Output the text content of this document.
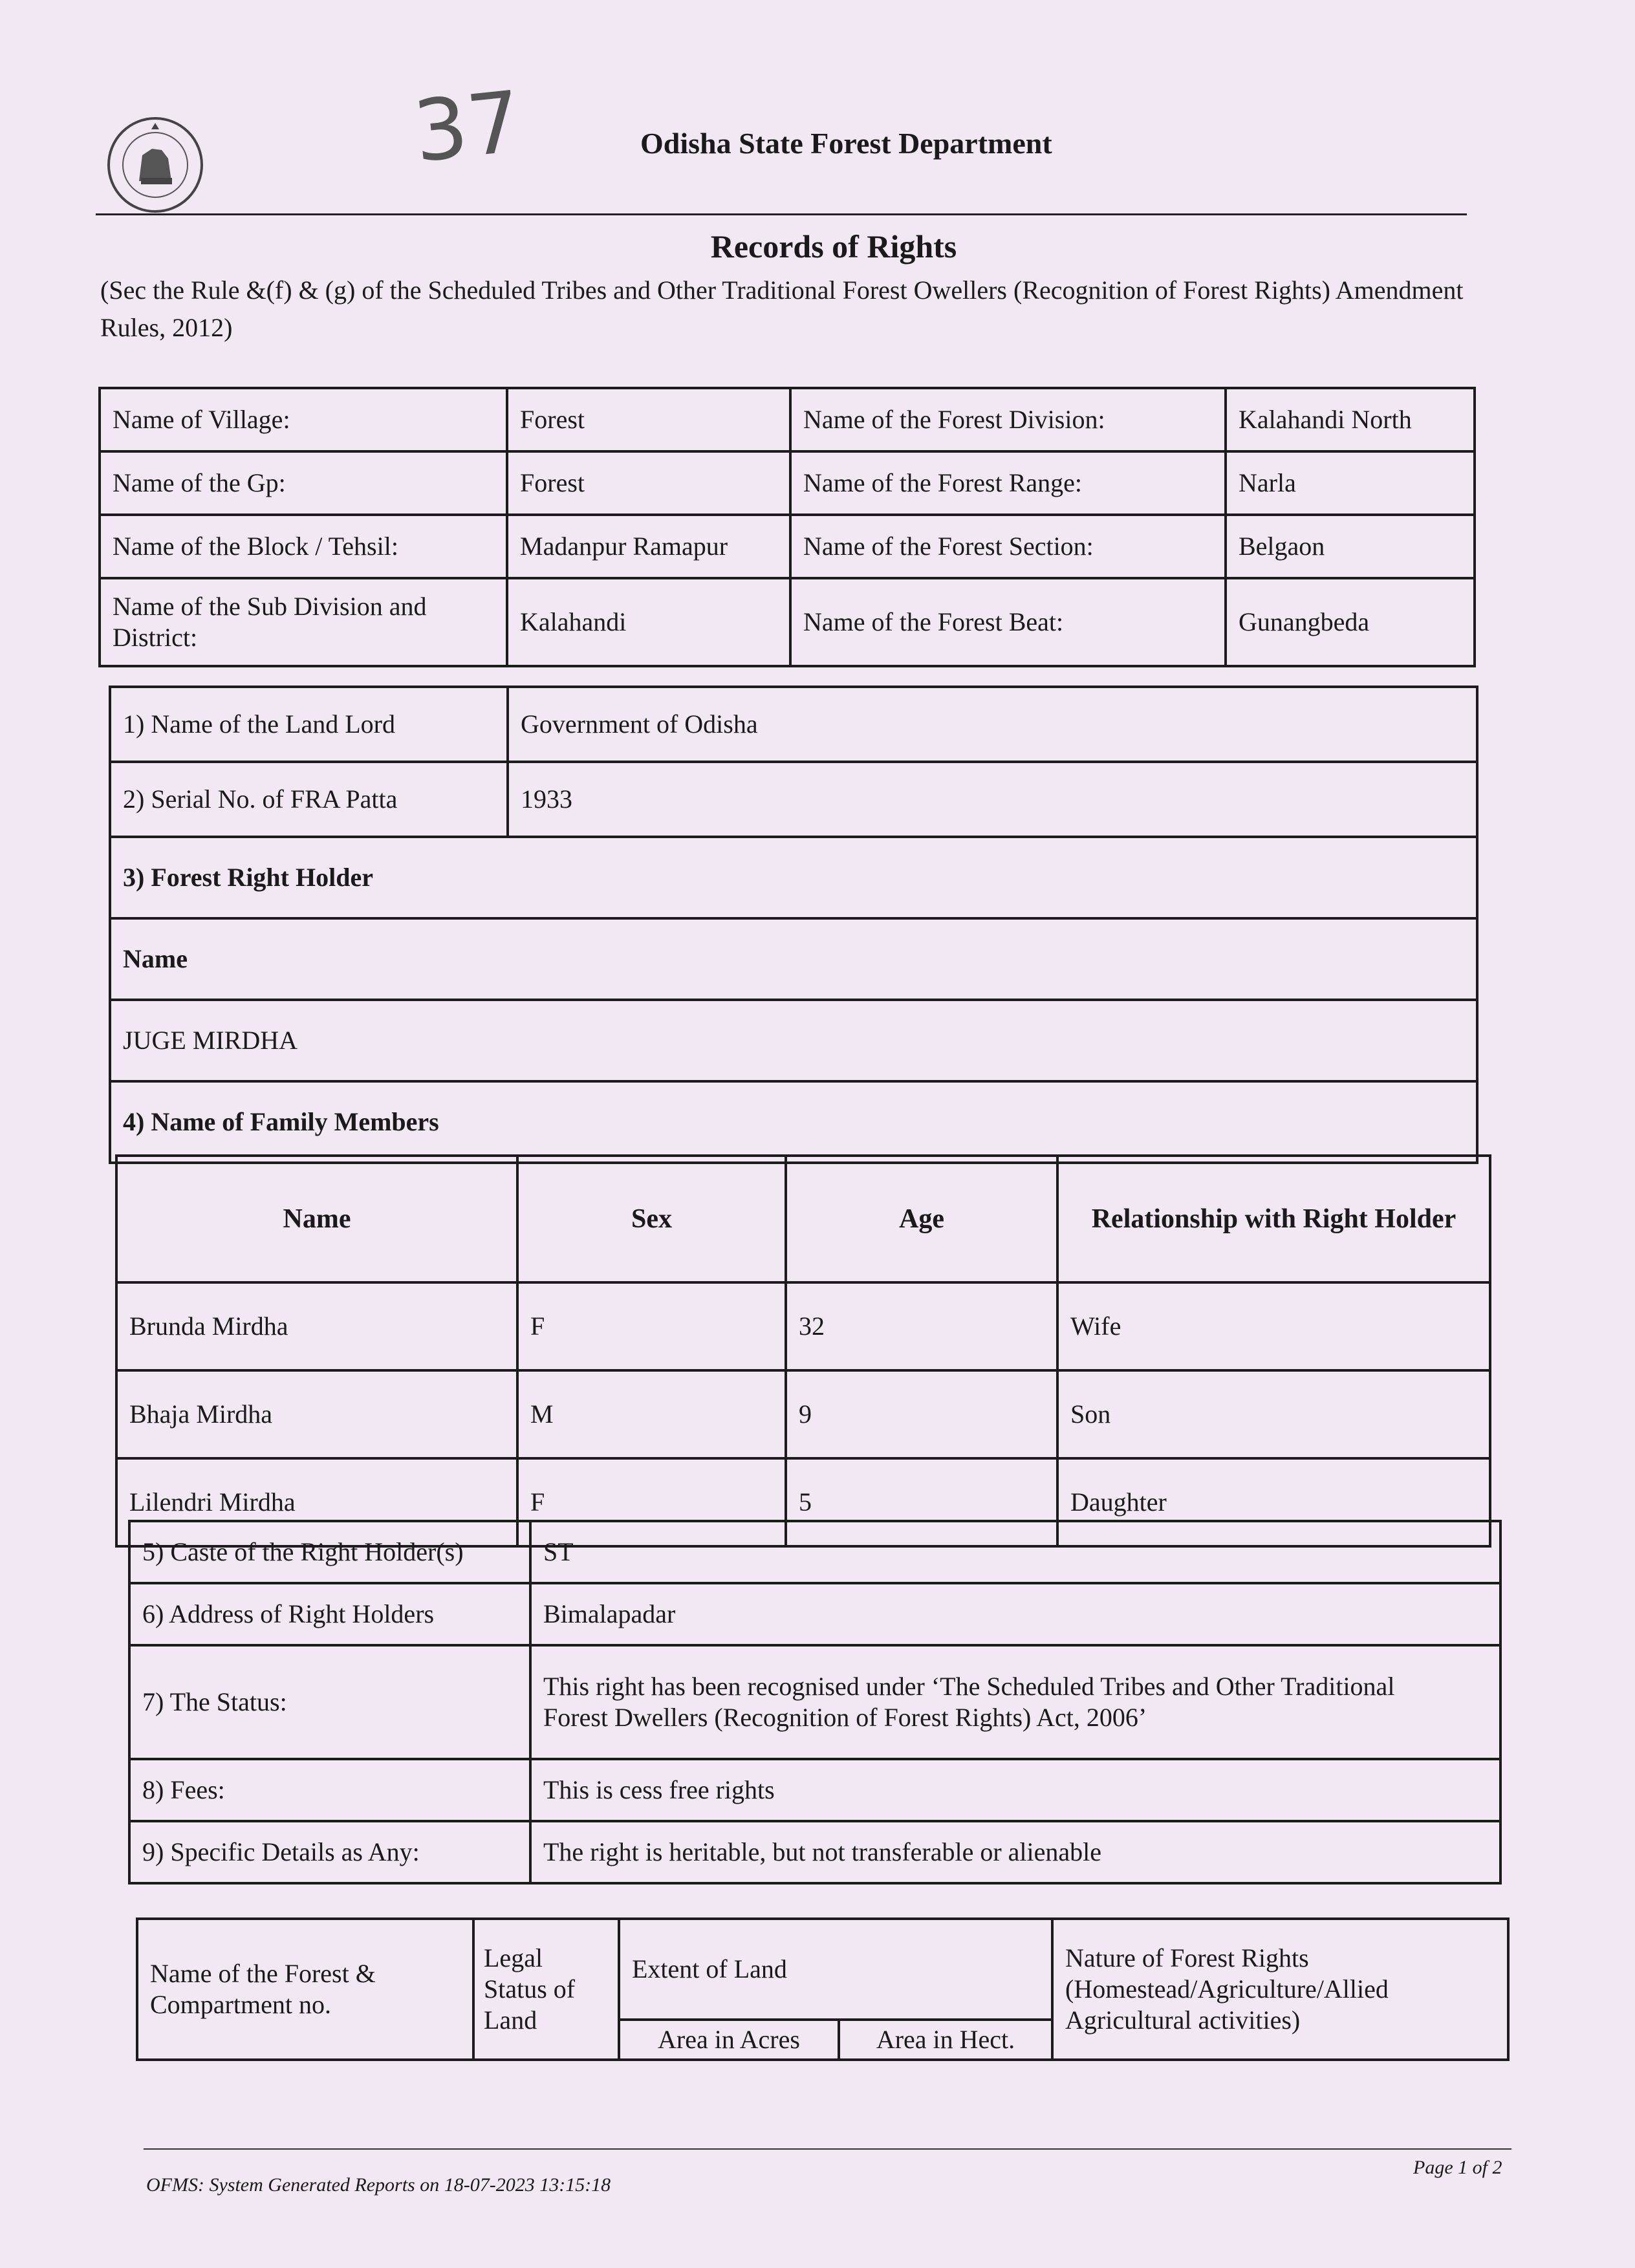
37	Odisha State Forest Department
Records of Rights
(Sec the Rule &(f) & (g) of the Scheduled Tribes and Other Traditional Forest Owellers (Recognition of Forest Rights) Amendment Rules, 2012)
Name of Village:	Forest	Name of the Forest Division:	Kalahandi North
Name of the Gp:	Forest	Name of the Forest Range:	Narla
Name of the Block / Tehsil:	Madanpur Ramapur	Name of the Forest Section:	Belgaon
Name of the Sub Division and District:	Kalahandi	Name of the Forest Beat:	Gunangbeda
1) Name of the Land Lord	Government of Odisha
2) Serial No. of FRA Patta	1933
3) Forest Right Holder	
Name	
JUGE MIRDHA	
4) Name of Family Members	
Name	Sex	Age	Relationship with Right Holder
Brunda Mirdha	F	32	Wife
Bhaja Mirdha	M	9	Son
Lilendri Mirdha	F	5	Daughter
5) Caste of the Right Holder(s)	ST
6) Address of Right Holders	Bimalapadar
7) The Status:	This right has been recognised under ‘The Scheduled Tribes and Other Traditional
Forest Dwellers (Recognition of Forest Rights) Act, 2006’

8) Fees:	This is cess free rights
9) Specific Details as Any:	The right is heritable, but not transferable or alienable
Name of the Forest & Compartment no.	Legal Status of Land	Extent of Land		Nature of Forest Rights (Homestead/Agriculture/Allied Agricultural activities)
		Area in Acres	Area in Hect.	
OFMS: System Generated Reports on 18-07-2023 13:15:18
Page 1 of 2
